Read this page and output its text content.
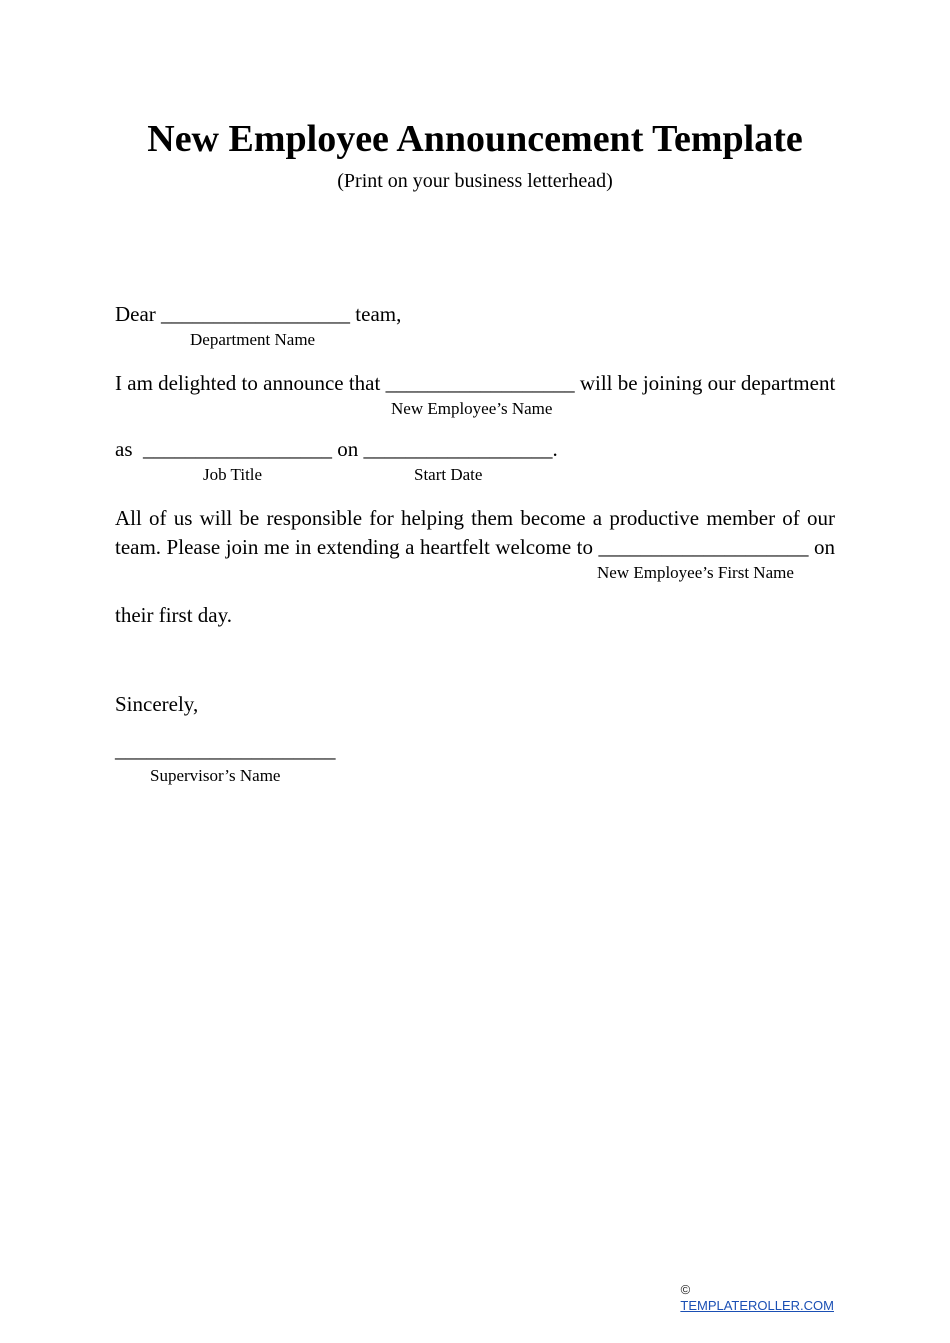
New Employee Announcement Template
(Print on your business letterhead)
Dear __________________ team,
Department Name
I am delighted to announce that __________________ will be joining our department
New Employee’s Name
as  __________________ on __________________.
Job Title	Start Date
All of us will be responsible for helping them become a productive member of our
team. Please join me in extending a heartfelt welcome to ____________________ on
New Employee’s First Name
their first day.
Sincerely,
_____________________
Supervisor’s Name

©
TEMPLATEROLLER.COM
